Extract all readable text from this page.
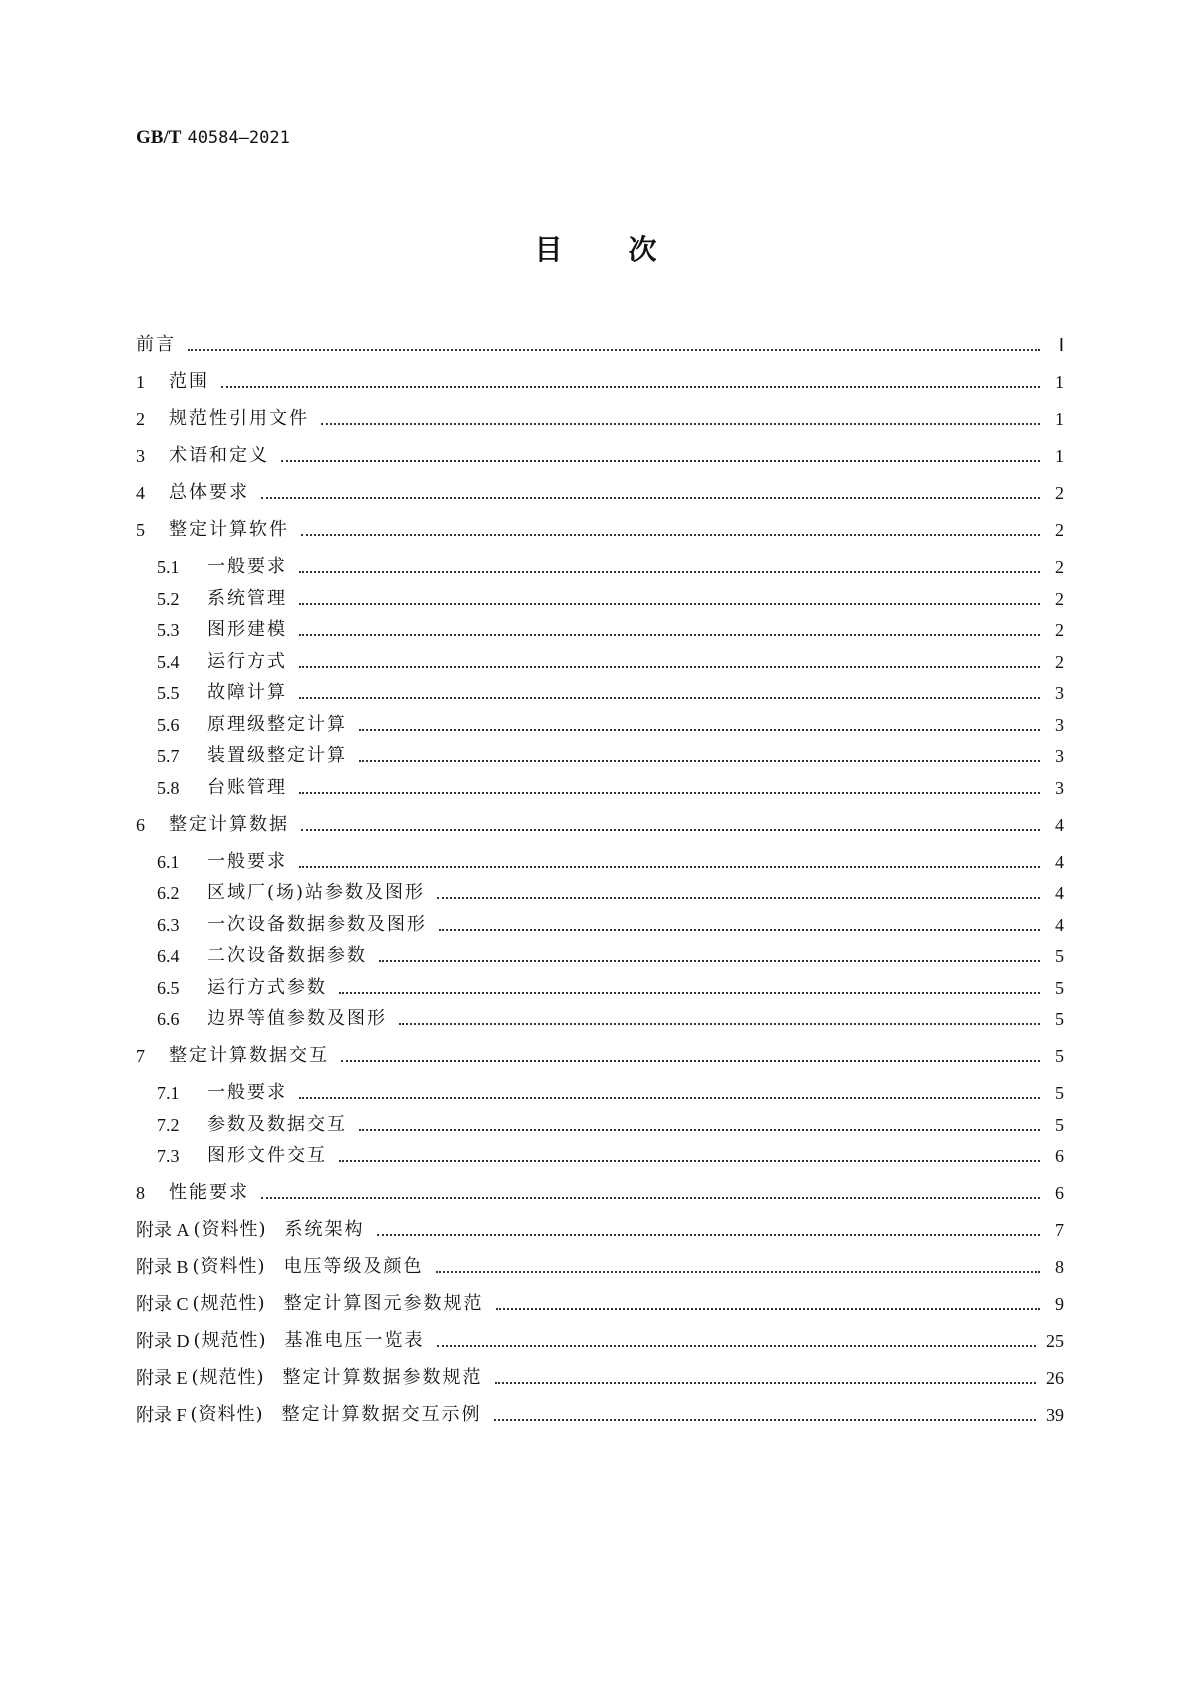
GB/T 40584—2021
目 次
前言	Ⅰ
1	范围	1
2	规范性引用文件	1
3	术语和定义	1
4	总体要求	2
5	整定计算软件	2
5.1	一般要求	2
5.2	系统管理	2
5.3	图形建模	2
5.4	运行方式	2
5.5	故障计算	3
5.6	原理级整定计算	3
5.7	装置级整定计算	3
5.8	台账管理	3
6	整定计算数据	4
6.1	一般要求	4
6.2	区域厂(场)站参数及图形	4
6.3	一次设备数据参数及图形	4
6.4	二次设备数据参数	5
6.5	运行方式参数	5
6.6	边界等值参数及图形	5
7	整定计算数据交互	5
7.1	一般要求	5
7.2	参数及数据交互	5
7.3	图形文件交互	6
8	性能要求	6
附录 A (资料性) 系统架构	7
附录 B (资料性) 电压等级及颜色	8
附录 C (规范性) 整定计算图元参数规范	9
附录 D (规范性) 基准电压一览表	25
附录 E (规范性) 整定计算数据参数规范	26
附录 F (资料性) 整定计算数据交互示例	39
